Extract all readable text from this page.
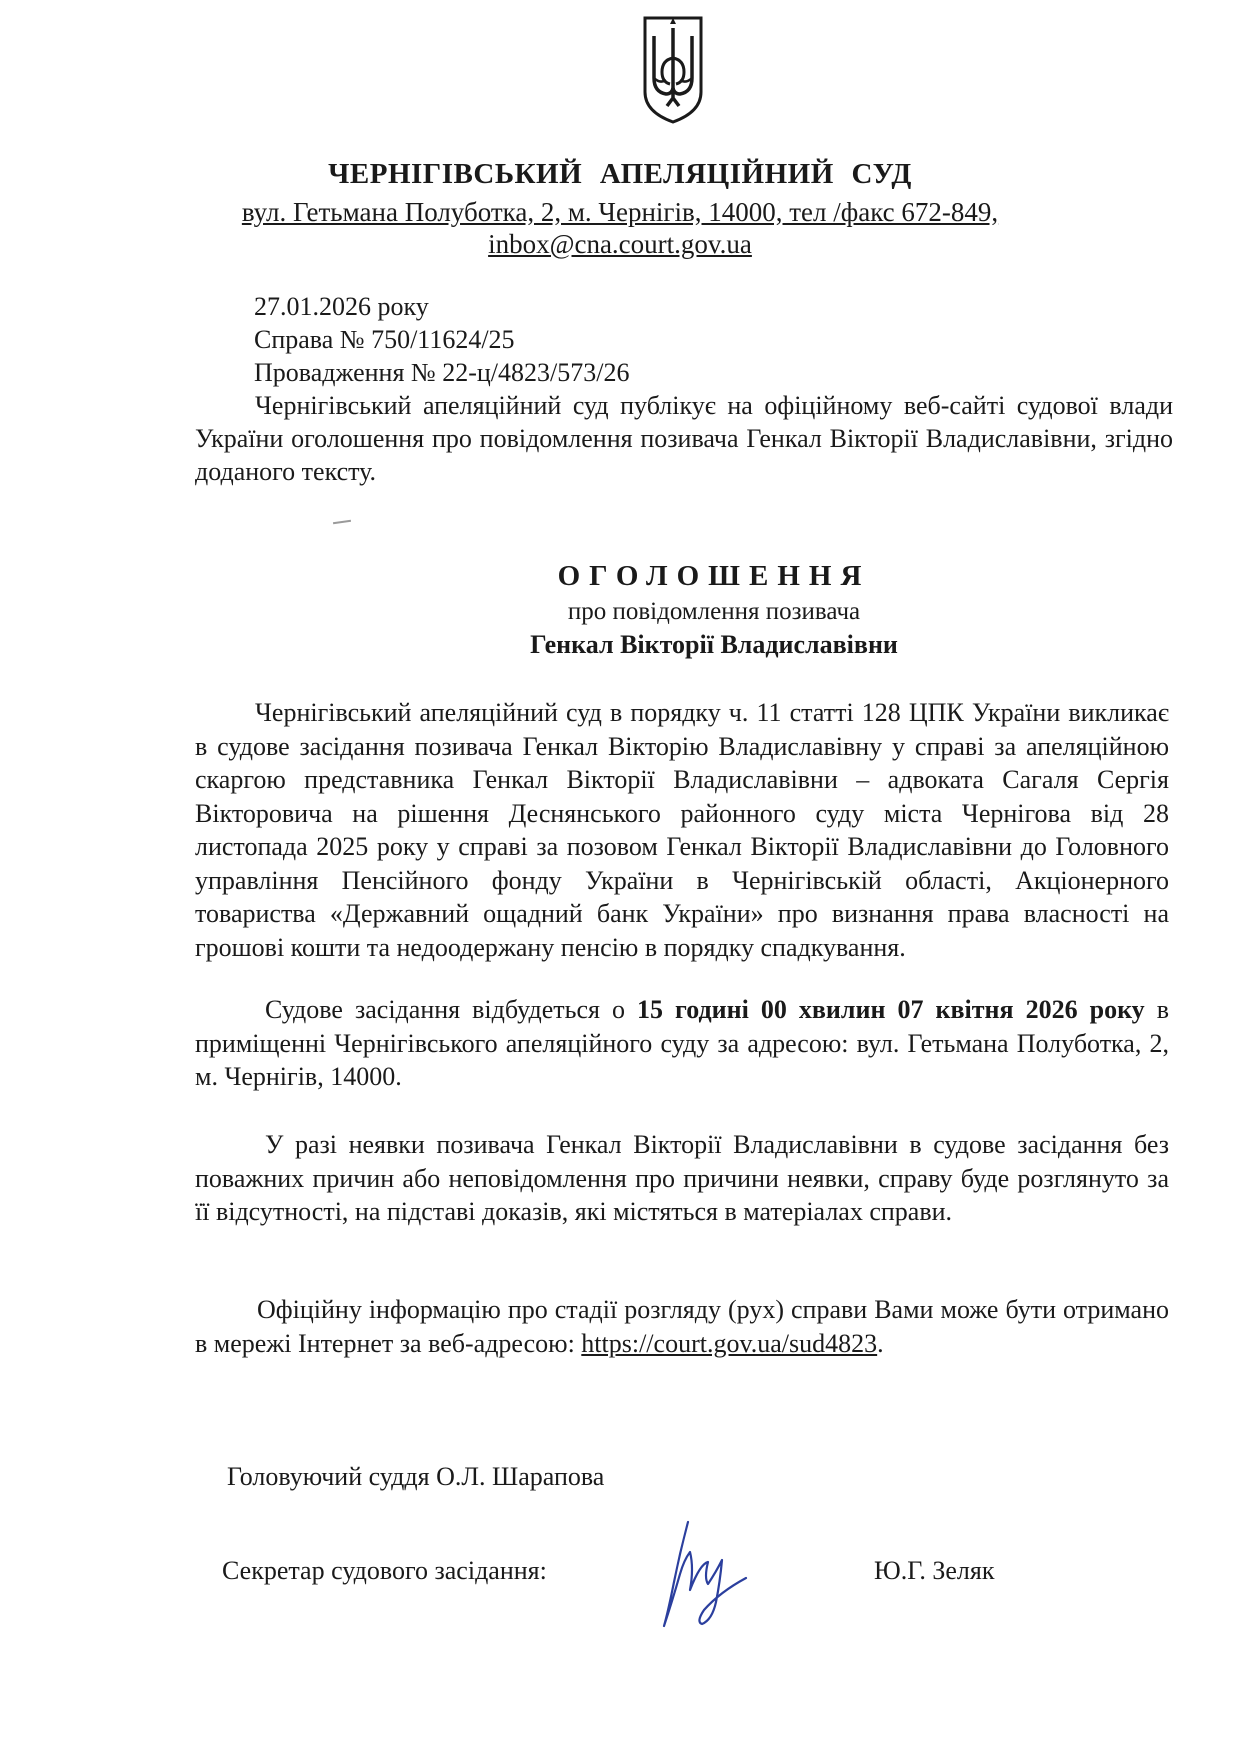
ЧЕРНІГІВСЬКИЙ АПЕЛЯЦІЙНИЙ СУД
вул. Гетьмана Полуботка, 2, м. Чернігів, 14000, тел /факс 672-849,
inbox@cna.court.gov.ua
27.01.2026 року
Справа № 750/11624/25
Провадження № 22-ц/4823/573/26
Чернігівський апеляційний суд публікує на офіційному веб-сайті судової влади України оголошення про повідомлення позивача Генкал Вікторії Владиславівни, згідно доданого тексту.
ОГОЛОШЕННЯ
про повідомлення позивача
Генкал Вікторії Владиславівни
Чернігівський апеляційний суд в порядку ч. 11 статті 128 ЦПК України викликає в судове засідання позивача Генкал Вікторію Владиславівну у справі за апеляційною скаргою представника Генкал Вікторії Владиславівни – адвоката Сагаля Сергія Вікторовича на рішення Деснянського районного суду міста Чернігова від 28 листопада 2025 року у справі за позовом Генкал Вікторії Владиславівни до Головного управління Пенсійного фонду України в Чернігівській області, Акціонерного товариства «Державний ощадний банк України» про визнання права власності на грошові кошти та недоодержану пенсію в порядку спадкування.
Судове засідання відбудеться о 15 годині 00 хвилин 07 квітня 2026 року в приміщенні Чернігівського апеляційного суду за адресою: вул. Гетьмана Полуботка, 2, м. Чернігів, 14000.
У разі неявки позивача Генкал Вікторії Владиславівни в судове засідання без поважних причин або неповідомлення про причини неявки, справу буде розглянуто за її відсутності, на підставі доказів, які містяться в матеріалах справи.
Офіційну інформацію про стадії розгляду (рух) справи Вами може бути отримано в мережі Інтернет за веб-адресою: https://court.gov.ua/sud4823.
Головуючий суддя О.Л. Шарапова
Секретар судового засідання:	Ю.Г. Зеляк
